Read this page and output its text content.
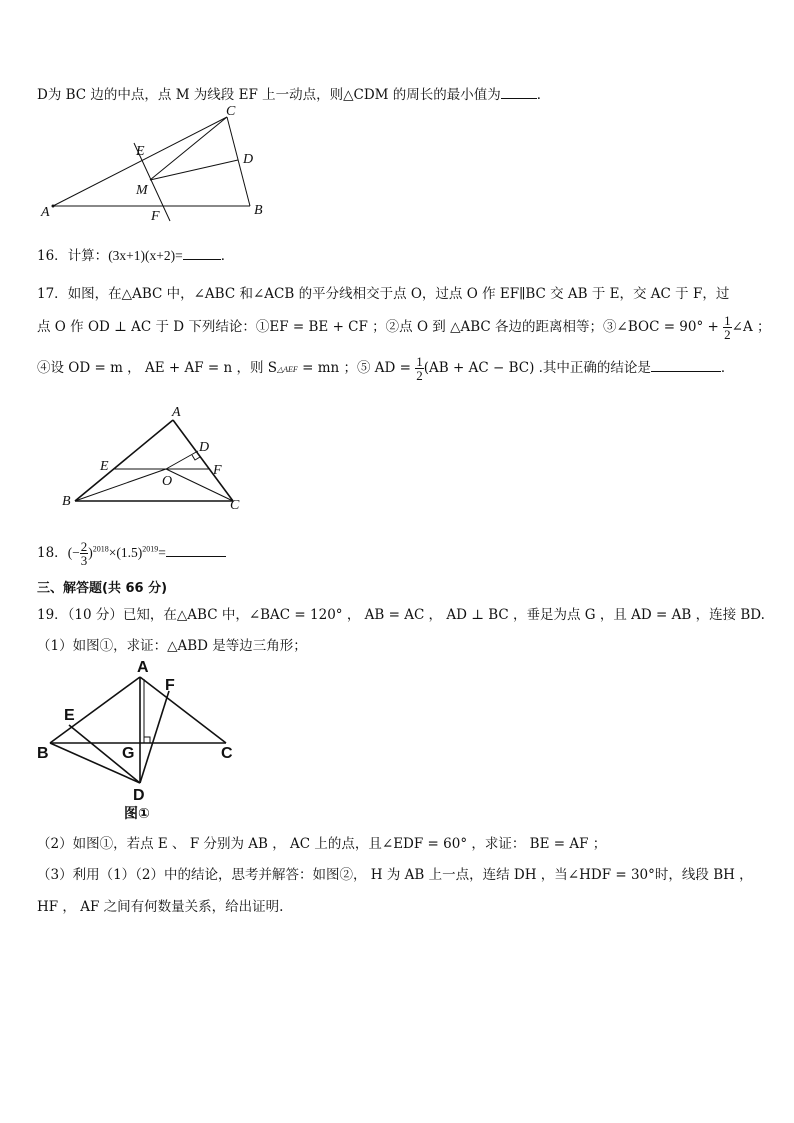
D为 BC 边的中点，点 M 为线段 EF 上一动点，则△CDM 的周长的最小值为	．
A	B
C
D
E
F
M
16．计算：(3x+1)(x+2)=	．
17．如图，在△ABC 中，∠ABC 和∠ACB 的平分线相交于点 O，过点 O 作 EF∥BC 交 AB 于 E，交 AC 于 F，过
点 O 作 OD ⊥ AC 于 D 下列结论：①EF = BE + CF ；②点 O 到 △ABC 各边的距离相等；③∠BOC = $90^\circ + \frac{1}{2}$ ∠A ；
④设 OD = m ， AE + AF = n ，则 S△AEF = mn ；⑤ AD = $\frac{1}{2} (AB$ + AC − BC) .其中正确的结论是	．
A
B	C
D
E	F
O
18．(− $\frac{2}{3} )^{2018}\times(1.5)^{2019}=$
三、解答题(共 66 分)
19．（10 分）已知，在△ABC 中，∠BAC = 120° ， AB = AC ， AD ⊥ BC ，垂足为点 G ，且 AD = AB ，连接 BD.
（1）如图①，求证：△ABD 是等边三角形；
A
B	C
D
E
F
G
图①
（2）如图①，若点 E 、 F 分别为 AB ， AC 上的点，且∠EDF = 60° ，求证： BE = AF ；
（3）利用（1）（2）中的结论，思考并解答：如图②， H 为 AB 上一点，连结 DH ，当∠HDF = 30°时，线段 BH ，
HF ， AF 之间有何数量关系，给出证明.
